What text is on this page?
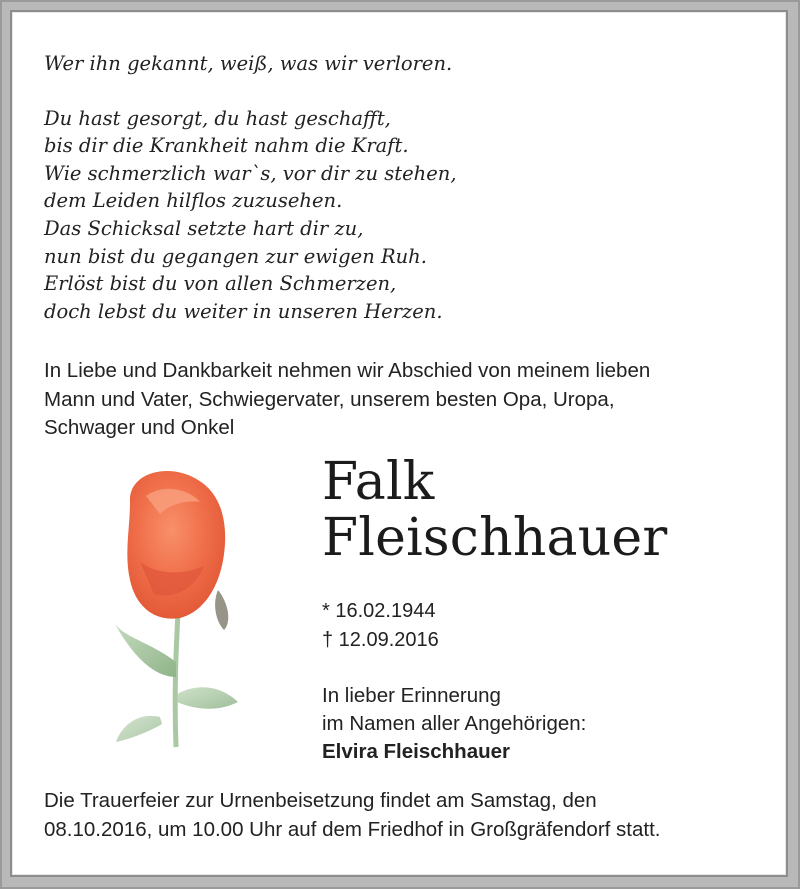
Wer ihn gekannt, weiß, was wir verloren.
Du hast gesorgt, du hast geschafft,
bis dir die Krankheit nahm die Kraft.
Wie schmerzlich war`s, vor dir zu stehen,
dem Leiden hilflos zuzusehen.
Das Schicksal setzte hart dir zu,
nun bist du gegangen zur ewigen Ruh.
Erlöst bist du von allen Schmerzen,
doch lebst du weiter in unseren Herzen.
In Liebe und Dankbarkeit nehmen wir Abschied von meinem lieben
Mann und Vater, Schwiegervater, unserem besten Opa, Uropa,
Schwager und Onkel
Falk
Fleischhauer
* 16.02.1944
† 12.09.2016
In lieber Erinnerung
im Namen aller Angehörigen:
Elvira Fleischhauer
Die Trauerfeier zur Urnenbeisetzung findet am Samstag, den
08.10.2016, um 10.00 Uhr auf dem Friedhof in Großgräfendorf statt.
